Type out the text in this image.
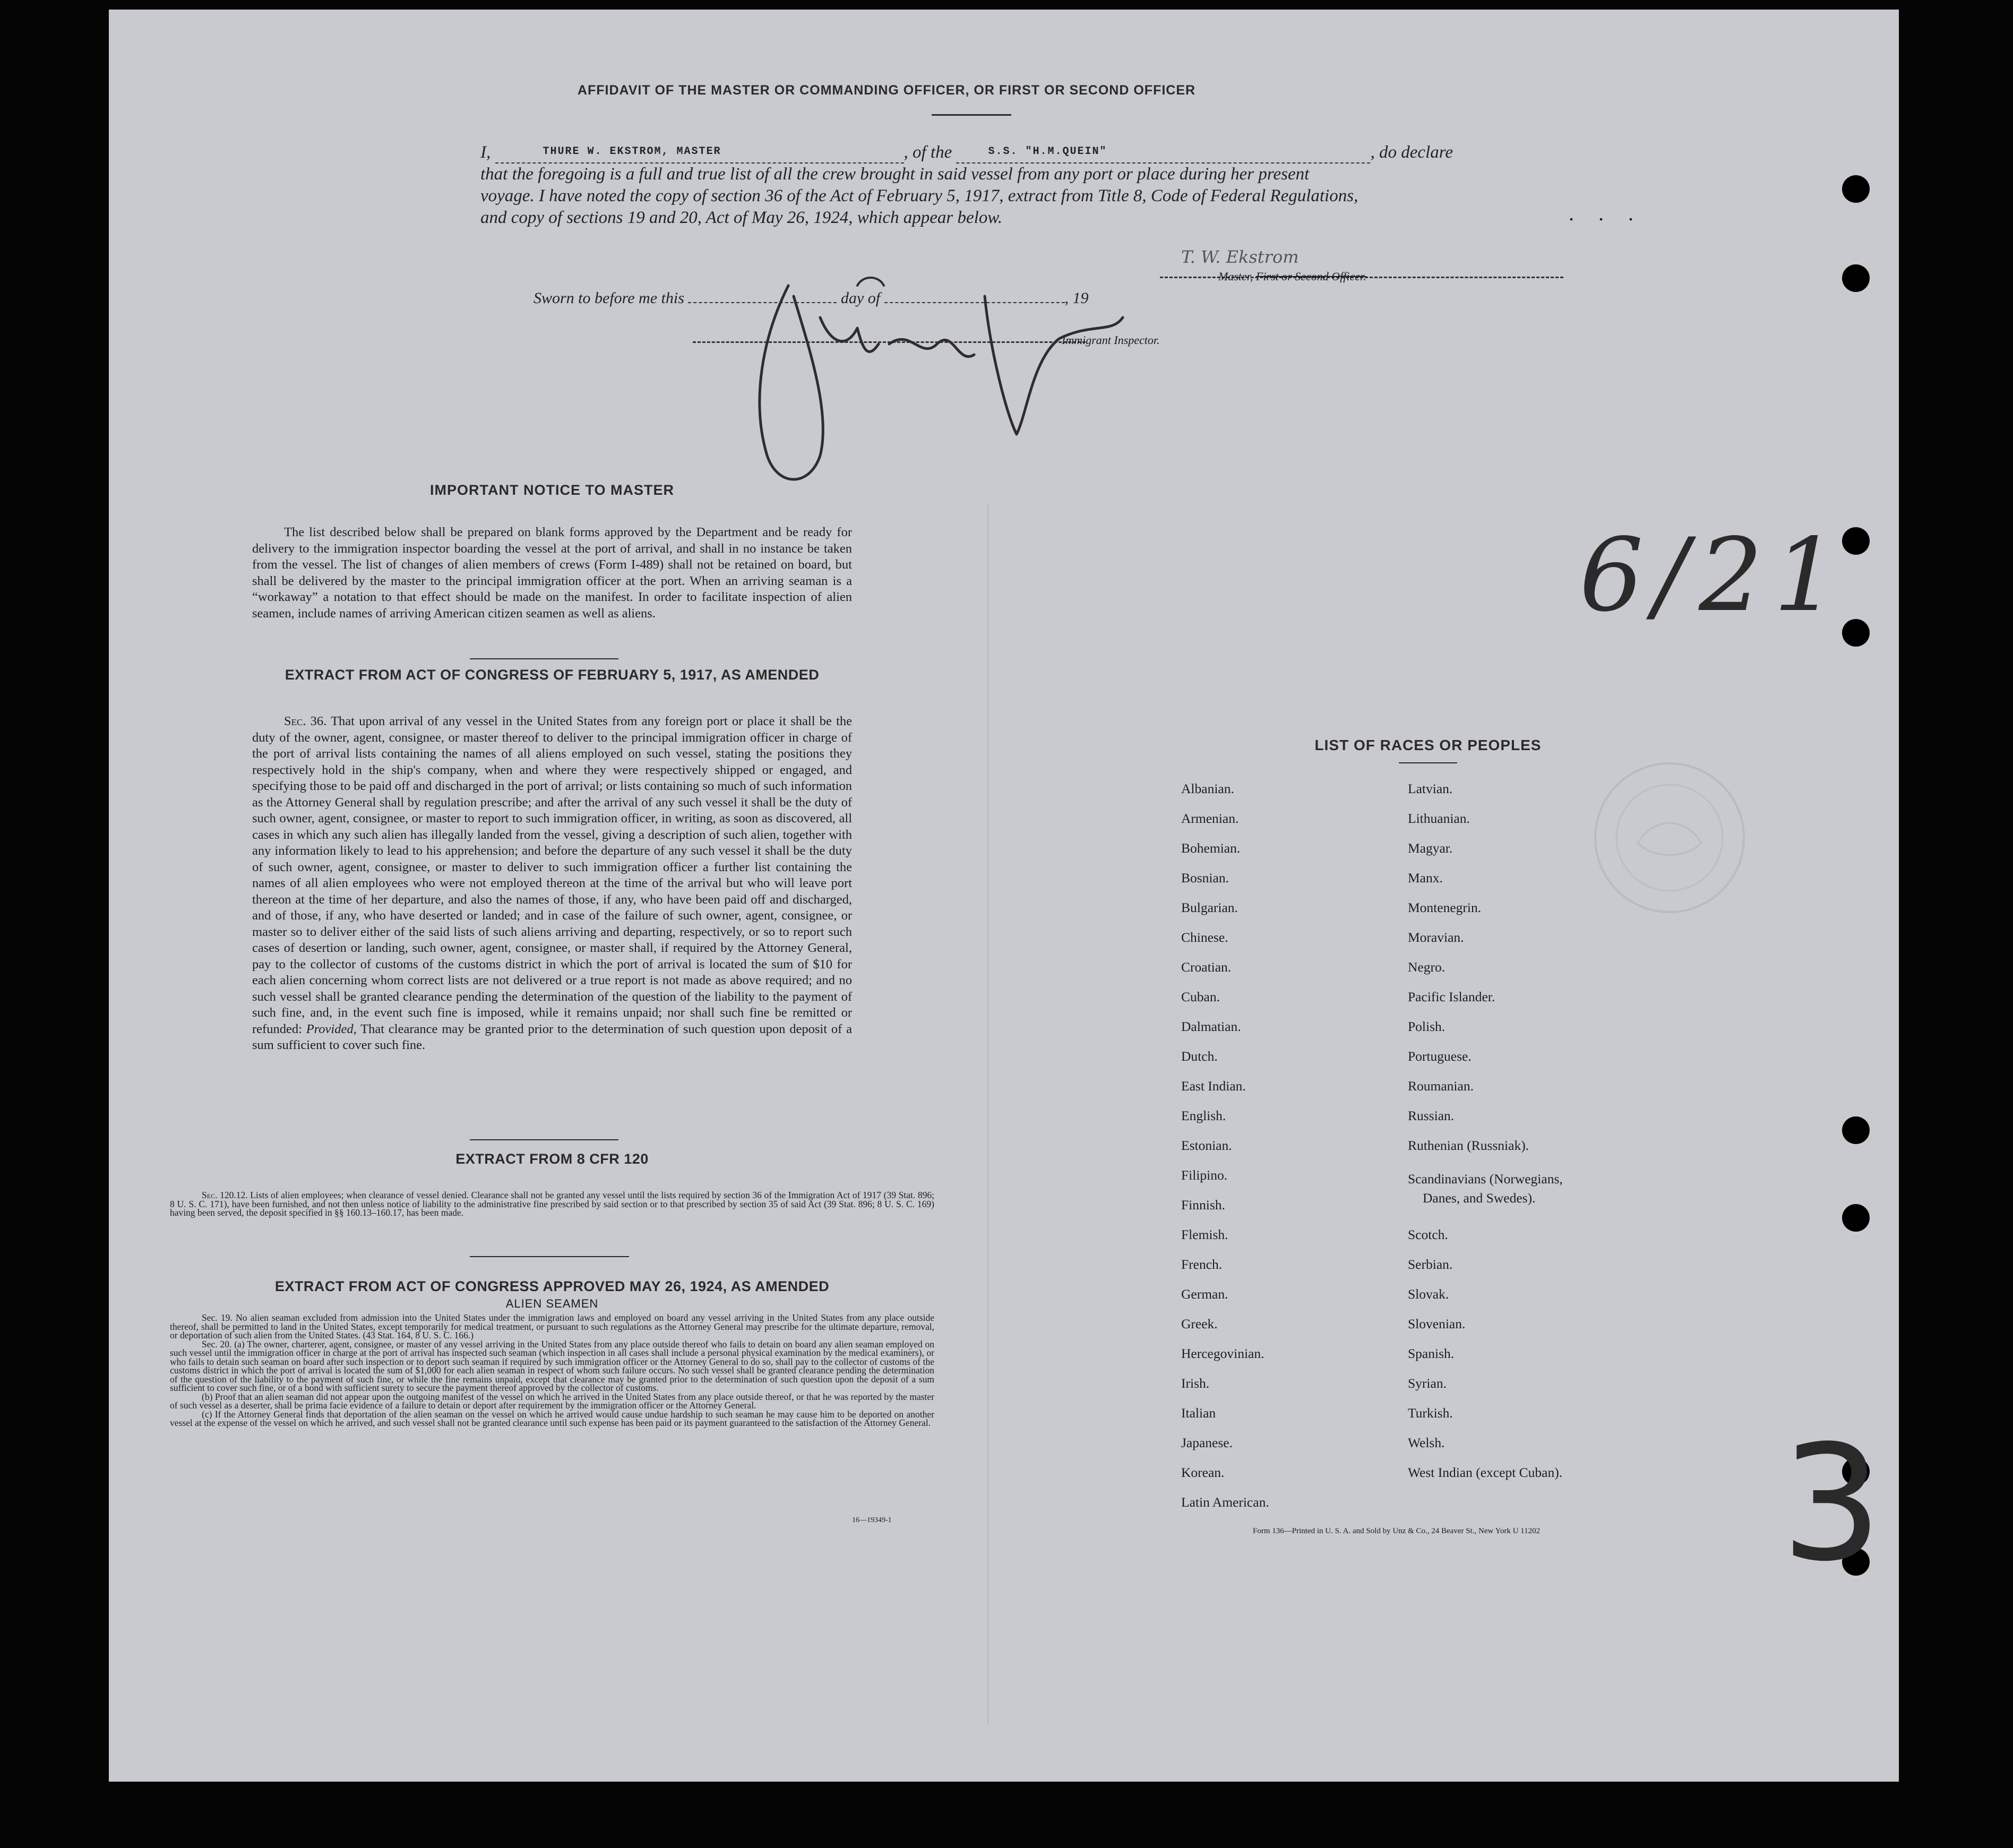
AFFIDAVIT OF THE MASTER OR COMMANDING OFFICER, OR FIRST OR SECOND OFFICER
I,	THURE W. EKSTROM, MASTER	, of the	S.S. "H.M.QUEIN"	, do declare
that the foregoing is a full and true list of all the crew brought in said vessel from any port or place during her present
voyage. I have noted the copy of section 36 of the Act of February 5, 1917, extract from Title 8, Code of Federal Regulations,
and copy of sections 19 and 20, Act of May 26, 1924, which appear below.
T. W. Ekstrom
Master, First or Second Officer.
Sworn to before me this	day of	, 19
Immigrant Inspector.
. . .
IMPORTANT NOTICE TO MASTER
The list described below shall be prepared on blank forms approved by the Department and be ready for delivery to the immigration inspector boarding the vessel at the port of arrival, and shall in no instance be taken from the vessel. The list of changes of alien members of crews (Form I-489) shall not be retained on board, but shall be delivered by the master to the principal immigration officer at the port. When an arriving seaman is a “workaway” a notation to that effect should be made on the manifest. In order to facilitate inspection of alien seamen, include names of arriving American citizen seamen as well as aliens.
EXTRACT FROM ACT OF CONGRESS OF FEBRUARY 5, 1917, AS AMENDED
Sec. 36. That upon arrival of any vessel in the United States from any foreign port or place it shall be the duty of the owner, agent, consignee, or master thereof to deliver to the principal immigration officer in charge of the port of arrival lists containing the names of all aliens employed on such vessel, stating the positions they respectively hold in the ship's company, when and where they were respectively shipped or engaged, and specifying those to be paid off and discharged in the port of arrival; or lists containing so much of such information as the Attorney General shall by regulation prescribe; and after the arrival of any such vessel it shall be the duty of such owner, agent, consignee, or master to report to such immigration officer, in writing, as soon as discovered, all cases in which any such alien has illegally landed from the vessel, giving a description of such alien, together with any information likely to lead to his apprehension; and before the departure of any such vessel it shall be the duty of such owner, agent, consignee, or master to deliver to such immigration officer a further list containing the names of all alien employees who were not employed thereon at the time of the arrival but who will leave port thereon at the time of her departure, and also the names of those, if any, who have been paid off and discharged, and of those, if any, who have deserted or landed; and in case of the failure of such owner, agent, consignee, or master so to deliver either of the said lists of such aliens arriving and departing, respectively, or so to report such cases of desertion or landing, such owner, agent, consignee, or master shall, if required by the Attorney General, pay to the collector of customs of the customs district in which the port of arrival is located the sum of $10 for each alien concerning whom correct lists are not delivered or a true report is not made as above required; and no such vessel shall be granted clearance pending the determination of the question of the liability to the payment of such fine, and, in the event such fine is imposed, while it remains unpaid; nor shall such fine be remitted or refunded: Provided, That clearance may be granted prior to the determination of such question upon deposit of a sum sufficient to cover such fine.
EXTRACT FROM 8 CFR 120
Sec. 120.12. Lists of alien employees; when clearance of vessel denied. Clearance shall not be granted any vessel until the lists required by section 36 of the Immigration Act of 1917 (39 Stat. 896; 8 U. S. C. 171), have been furnished, and not then unless notice of liability to the administrative fine prescribed by said section or to that prescribed by section 35 of said Act (39 Stat. 896; 8 U. S. C. 169) having been served, the deposit specified in §§ 160.13–160.17, has been made.
EXTRACT FROM ACT OF CONGRESS APPROVED MAY 26, 1924, AS AMENDED
ALIEN SEAMEN

Sec. 19. No alien seaman excluded from admission into the United States under the immigration laws and employed on board any vessel arriving in the United States from any place outside thereof, shall be permitted to land in the United States, except temporarily for medical treatment, or pursuant to such regulations as the Attorney General may prescribe for the ultimate departure, removal, or deportation of such alien from the United States. (43 Stat. 164, 8 U. S. C. 166.)

Sec. 20. (a) The owner, charterer, agent, consignee, or master of any vessel arriving in the United States from any place outside thereof who fails to detain on board any alien seaman employed on such vessel until the immigration officer in charge at the port of arrival has inspected such seaman (which inspection in all cases shall include a personal physical examination by the medical examiners), or who fails to detain such seaman on board after such inspection or to deport such seaman if required by such immigration officer or the Attorney General to do so, shall pay to the collector of customs of the customs district in which the port of arrival is located the sum of $1,000 for each alien seaman in respect of whom such failure occurs. No such vessel shall be granted clearance pending the determination of the question of the liability to the payment of such fine, or while the fine remains unpaid, except that clearance may be granted prior to the determination of such question upon the deposit of a sum sufficient to cover such fine, or of a bond with sufficient surety to secure the payment thereof approved by the collector of customs.

(b) Proof that an alien seaman did not appear upon the outgoing manifest of the vessel on which he arrived in the United States from any place outside thereof, or that he was reported by the master of such vessel as a deserter, shall be prima facie evidence of a failure to detain or deport after requirement by the immigration officer or the Attorney General.

(c) If the Attorney General finds that deportation of the alien seaman on the vessel on which he arrived would cause undue hardship to such seaman he may cause him to be deported on another vessel at the expense of the vessel on which he arrived, and such vessel shall not be granted clearance until such expense has been paid or its payment guaranteed to the satisfaction of the Attorney General.

16—19349-1
LIST OF RACES OR PEOPLES
Albanian.
Armenian.
Bohemian.
Bosnian.
Bulgarian.
Chinese.
Croatian.
Cuban.
Dalmatian.
Dutch.
East Indian.
English.
Estonian.
Filipino.
Finnish.
Flemish.
French.
German.
Greek.
Hercegovinian.
Irish.
Italian
Japanese.
Korean.
Latin American.
Latvian.
Lithuanian.
Magyar.
Manx.
Montenegrin.
Moravian.
Negro.
Pacific Islander.
Polish.
Portuguese.
Roumanian.
Russian.
Ruthenian (Russniak).
Scandinavians (Norwegians,
Danes, and Swedes).
Scotch.
Serbian.
Slovak.
Slovenian.
Spanish.
Syrian.
Turkish.
Welsh.
West Indian (except Cuban).
Form 136—Printed in U. S. A. and Sold by Unz & Co., 24 Beaver St., New York U 11202
6/21
3
